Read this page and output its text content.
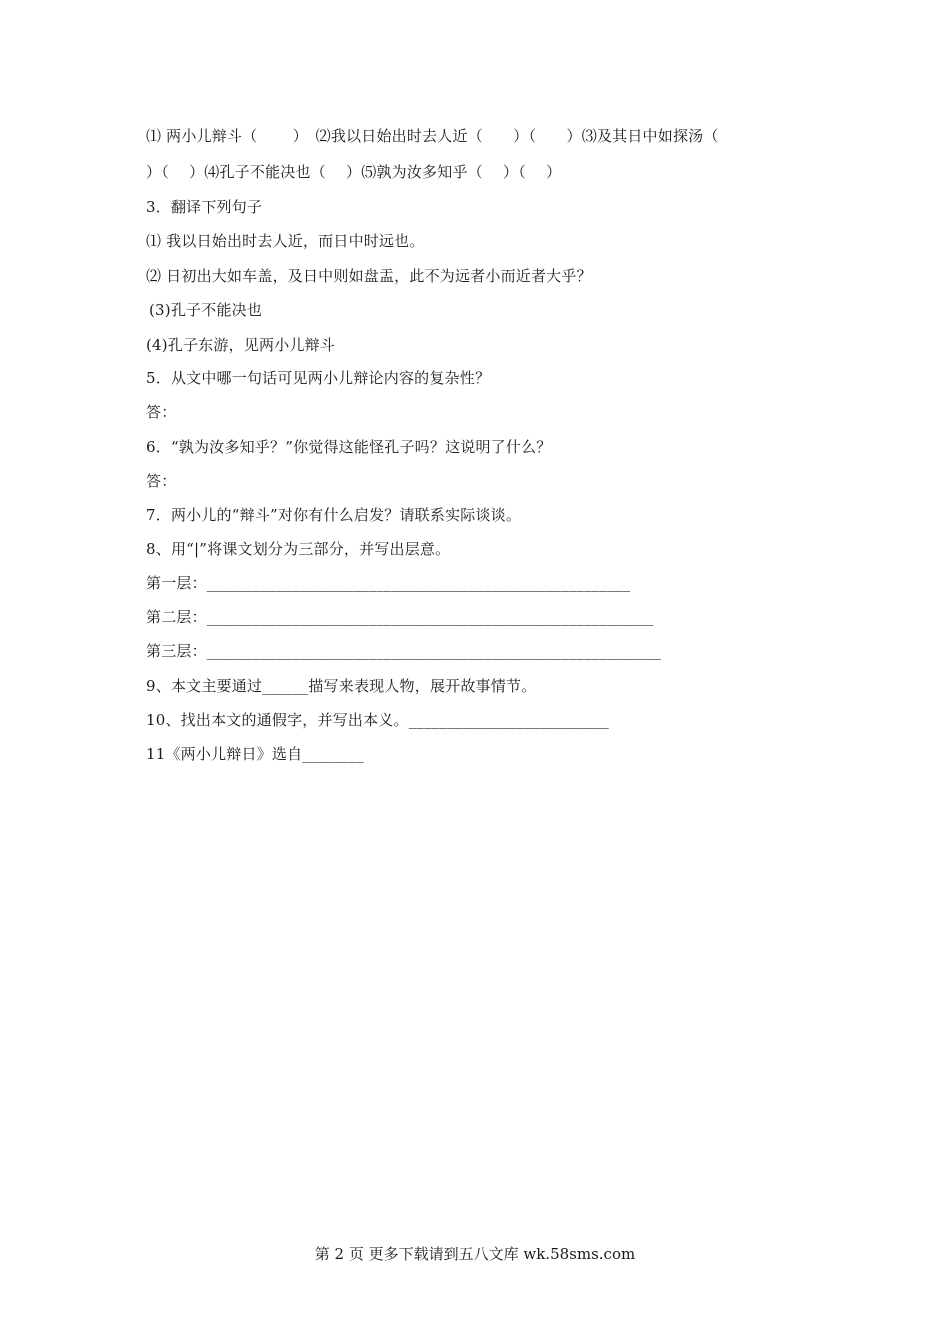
⑴ 两小儿辩斗（　　 ）　⑵我以日始出时去人近（　　）（　　）⑶及其日中如探汤（
）（　 ）⑷孔子不能决也（　 ）⑸孰为汝多知乎（　 ）（　 ）
3．翻译下列句子
⑴ 我以日始出时去人近，而日中时远也。
⑵ 日初出大如车盖，及日中则如盘盂，此不为远者小而近者大乎？
(3)孔子不能决也
(4)孔子东游，见两小儿辩斗
5．从文中哪一句话可见两小儿辩论内容的复杂性？
答：
6．“孰为汝多知乎？”你觉得这能怪孔子吗？这说明了什么？
答：
7．两小儿的“辩斗”对你有什么启发？请联系实际谈谈。
8、用“|”将课文划分为三部分，并写出层意。
第一层：_______________________________________________________
第二层：__________________________________________________________
第三层：___________________________________________________________
9、本文主要通过______描写来表现人物，展开故事情节。
10、找出本文的通假字，并写出本义。__________________________
11《两小儿辩日》选自________
第 2 页 更多下载请到五八文库 wk.58sms.com
